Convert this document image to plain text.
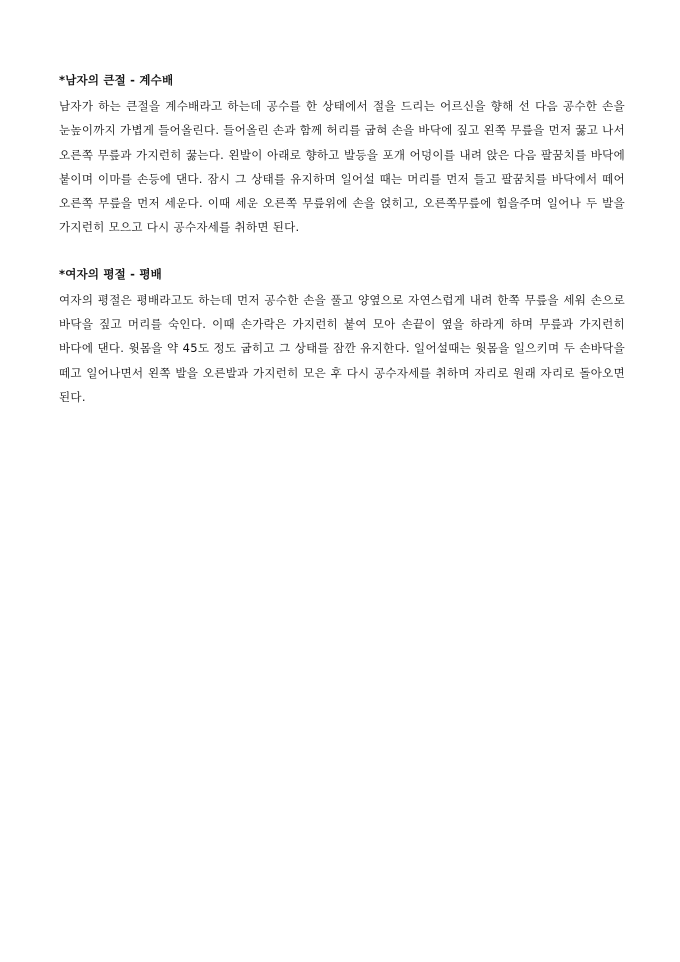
*남자의 큰절 - 계수배

남자가 하는 큰절을 계수배라고 하는데 공수를 한 상태에서 절을 드리는 어르신을 향해 선 다음 공수한 손을 눈높이까지 가볍게 들어올린다. 들어올린 손과 함께 허리를 굽혀 손을 바닥에 짚고 왼쪽 무릎을 먼저 꿇고 나서 오른쪽 무릎과 가지런히 꿇는다. 왼발이 아래로 향하고 발등을 포개 어덩이를 내려 앉은 다음 팔꿈치를 바닥에 붙이며 이마를 손등에 댄다. 잠시 그 상태를 유지하며 일어설 때는 머리를 먼저 들고 팔꿈치를 바닥에서 떼어 오른쪽 무릎을 먼저 세운다. 이때 세운 오른쪽 무릎위에 손을 얹히고, 오른쪽무릎에 힘을주며 일어나 두 발을 가지런히 모으고 다시 공수자세를 취하면 된다.

*여자의 평절 - 평배

여자의 평절은 평배라고도 하는데 먼저 공수한 손을 풀고 양옆으로 자연스럽게 내려 한쪽 무릎을 세워 손으로 바닥을 짚고 머리를 숙인다. 이때 손가락은 가지런히 붙여 모아 손끝이 옆을 하라게 하며 무릎과 가지런히 바다에 댄다. 윗몸을 약 45도 정도 굽히고 그 상태를 잠깐 유지한다. 일어설때는 윗몸을 일으키며 두 손바닥을 떼고 일어나면서 왼쪽 발을 오른발과 가지런히 모은 후 다시 공수자세를 취하며 자리로 원래 자리로 돌아오면 된다.
